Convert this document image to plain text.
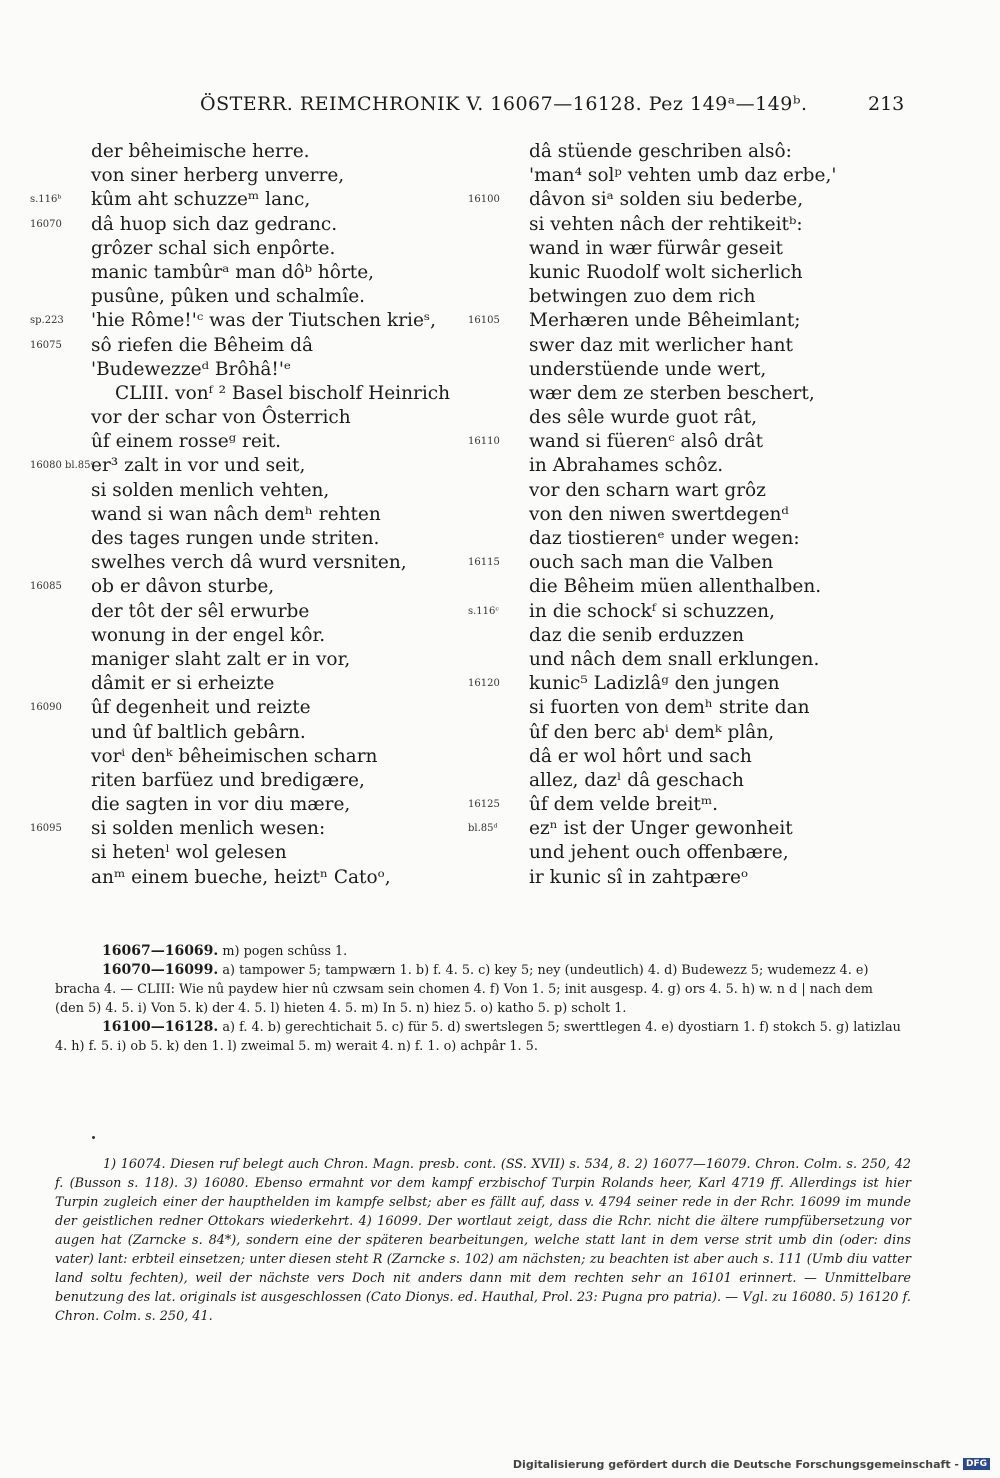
ÖSTERR. REIMCHRONIK V. 16067—16128. Pez 149ᵃ—149ᵇ.	213
der bêheimische herre.
von siner herberg unverre,
s.116ᵇ kûm aht schuzzeᵐ lanc,
16070 dâ huop sich daz gedranc.
grôzer schal sich enpôrte.
manic tambûrᵃ man dôᵇ hôrte,
pusûne, pûken und schalmîe.
sp.223 'hie Rôme!'ᶜ was der Tiutschen krieˢ,
16075 sô riefen die Bêheim dâ
'Budewezzeᵈ Brôhâ!'ᵉ
CLIII. vonᶠ ² Basel bischolf Heinrich
vor der schar von Ôsterrich
ûf einem rosseᵍ reit.
16080 bl.85ᵃ
er³ zalt in vor und seit,
si solden menlich vehten,
wand si wan nâch demʰ rehten
des tages rungen unde striten.
swelhes verch dâ wurd versniten,
16085 ob er dâvon sturbe,
der tôt der sêl erwurbe
wonung in der engel kôr.
maniger slaht zalt er in vor,
dâmit er si erheizte
16090 ûf degenheit und reizte
und ûf baltlich gebârn.
vorⁱ denᵏ bêheimischen scharn
riten barfüez und bredigære,
die sagten in vor diu mære,
16095 si solden menlich wesen:
si hetenˡ wol gelesen
anᵐ einem bueche, heiztⁿ Catoᵒ,
dâ stüende geschriben alsô:
'man⁴ solᵖ vehten umb daz erbe,'
16100 dâvon siᵃ solden siu bederbe,
si vehten nâch der rehtikeitᵇ:
wand in wær fürwâr geseit
kunic Ruodolf wolt sicherlich
betwingen zuo dem rich
16105 Merhæren unde Bêheimlant;
swer daz mit werlicher hant
understüende unde wert,
wær dem ze sterben beschert,
des sêle wurde guot rât,
16110 wand si füerenᶜ alsô drât
in Abrahames schôz.
vor den scharn wart grôz
von den niwen swertdegenᵈ
daz tiostierenᵉ under wegen:
16115 ouch sach man die Valben
die Bêheim müen allenthalben.
s.116ᶜ in die schockᶠ si schuzzen,
daz die senib erduzzen
und nâch dem snall erklungen.
16120 kunic⁵ Ladizlâᵍ den jungen
si fuorten von demʰ strite dan
ûf den berc abⁱ demᵏ plân,
dâ er wol hôrt und sach
allez, dazˡ dâ geschach
16125 ûf dem velde breitᵐ.
bl.85ᵈ ezⁿ ist der Unger gewonheit
und jehent ouch offenbære,
ir kunic sî in zahtpæreᵒ
16067—16069. m) pogen schûss 1.
16070—16099. a) tampower 5; tampwærn 1. b) f. 4. 5. c) key 5; ney (undeutlich) 4. d) Budewezz 5; wudemezz 4. e) bracha 4. — CLIII: Wie nû paydew hier nû czwsam sein chomen 4. f) Von 1. 5; init ausgesp. 4. g) ors 4. 5. h) w. n d | nach dem (den 5) 4. 5. i) Von 5. k) der 4. 5. l) hieten 4. 5. m) In 5. n) hiez 5. o) katho 5. p) scholt 1.
16100—16128. a) f. 4. b) gerechtichait 5. c) für 5. d) swertslegen 5; swerttlegen 4. e) dyostiarn 1. f) stokch 5. g) latizlau 4. h) f. 5. i) ob 5. k) den 1. l) zweimal 5. m) werait 4. n) f. 1. o) achpâr 1. 5.

1) 16074. Diesen ruf belegt auch Chron. Magn. presb. cont. (SS. XVII) s. 534, 8. 2) 16077—16079. Chron. Colm. s. 250, 42 f. (Busson s. 118). 3) 16080. Ebenso ermahnt vor dem kampf erzbischof Turpin Rolands heer, Karl 4719 ff. Allerdings ist hier Turpin zugleich einer der haupthelden im kampfe selbst; aber es fällt auf, dass v. 4794 seiner rede in der Rchr. 16099 im munde der geistlichen redner Ottokars wiederkehrt. 4) 16099. Der wortlaut zeigt, dass die Rchr. nicht die ältere rumpfübersetzung vor augen hat (Zarncke s. 84*), sondern eine der späteren bearbeitungen, welche statt lant in dem verse strit umb din (oder: dins vater) lant: erbteil einsetzen; unter diesen steht R (Zarncke s. 102) am nächsten; zu beachten ist aber auch s. 111 (Umb diu vatter land soltu fechten), weil der nächste vers Doch nit anders dann mit dem rechten sehr an 16101 erinnert. — Unmittelbare benutzung des lat. originals ist ausgeschlossen (Cato Dionys. ed. Hauthal, Prol. 23: Pugna pro patria). — Vgl. zu 16080. 5) 16120 f. Chron. Colm. s. 250, 41.

Digitalisierung gefördert durch die Deutsche Forschungsgemeinschaft - DFG
